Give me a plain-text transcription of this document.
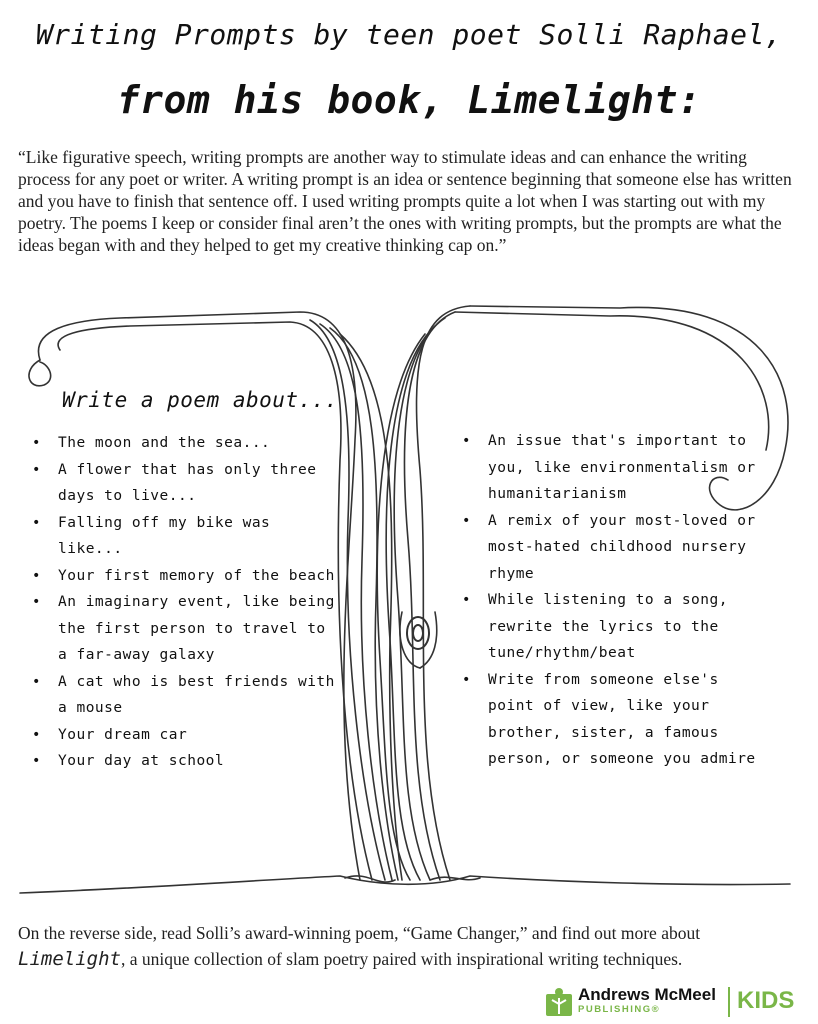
Writing Prompts by teen poet Solli Raphael,
from his book, Limelight:

“Like figurative speech, writing prompts are another way to stimulate ideas and can enhance the writing process for any poet or writer. A writing prompt is an idea or sentence beginning that someone else has written and you have to finish that sentence off. I used writing prompts quite a lot when I was starting out with my poetry. The poems I keep or consider final aren’t the ones with writing prompts, but the prompts are what the ideas began with and they helped to get my creative thinking cap on.”

Write a poem about...
• The moon and the sea...
• A flower that has only three days to live...
• Falling off my bike was like...
• Your first memory of the beach
• An imaginary event, like being the first person to travel to a far-away galaxy
• A cat who is best friends with a mouse
• Your dream car
• Your day at school
• An issue that's important to you, like environmentalism or humanitarianism
• A remix of your most-loved or most-hated childhood nursery rhyme
• While listening to a song, rewrite the lyrics to the tune/rhythm/beat
• Write from someone else's point of view, like your brother, sister, a famous person, or someone you admire

On the reverse side, read Solli’s award-winning poem, “Game Changer,” and find out more about Limelight, a unique collection of slam poetry paired with inspirational writing techniques.

Andrews McMeel
PUBLISHING®	KIDS
